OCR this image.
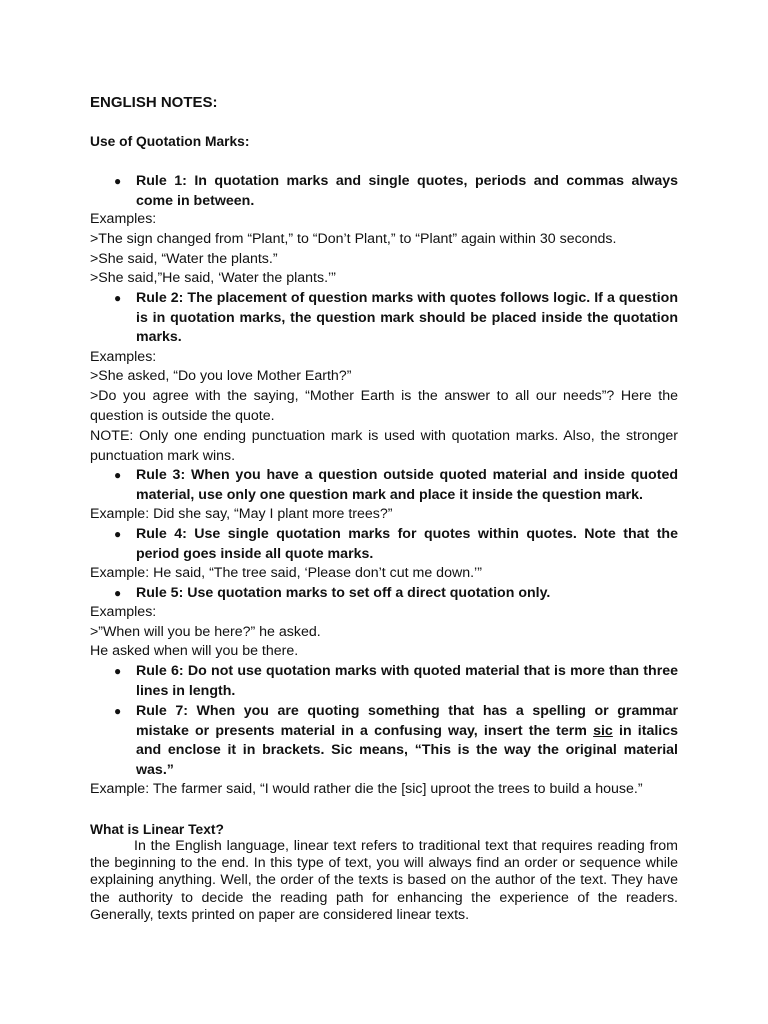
ENGLISH NOTES:
Use of Quotation Marks:
● Rule 1: In quotation marks and single quotes, periods and commas always come in between.
Examples:
>The sign changed from “Plant,” to “Don’t Plant,” to “Plant” again within 30 seconds.
>She said, “Water the plants.”
>She said,”He said, ‘Water the plants.’”
● Rule 2: The placement of question marks with quotes follows logic. If a question is in quotation marks, the question mark should be placed inside the quotation marks.
Examples:
>She asked, “Do you love Mother Earth?”
>Do you agree with the saying, “Mother Earth is the answer to all our needs”? Here the question is outside the quote.
NOTE: Only one ending punctuation mark is used with quotation marks. Also, the stronger punctuation mark wins.
● Rule 3: When you have a question outside quoted material and inside quoted material, use only one question mark and place it inside the question mark.
Example: Did she say, “May I plant more trees?”
● Rule 4: Use single quotation marks for quotes within quotes. Note that the period goes inside all quote marks.
Example: He said, “The tree said, ‘Please don’t cut me down.’”
● Rule 5: Use quotation marks to set off a direct quotation only.
Examples:
>”When will you be here?” he asked.
He asked when will you be there.
● Rule 6: Do not use quotation marks with quoted material that is more than three lines in length.
● Rule 7: When you are quoting something that has a spelling or grammar mistake or presents material in a confusing way, insert the term sic in italics and enclose it in brackets. Sic means, “This is the way the original material was.”
Example: The farmer said, “I would rather die the [sic] uproot the trees to build a house.”
What is Linear Text?
In the English language, linear text refers to traditional text that requires reading from the beginning to the end. In this type of text, you will always find an order or sequence while explaining anything. Well, the order of the texts is based on the author of the text. They have the authority to decide the reading path for enhancing the experience of the readers. Generally, texts printed on paper are considered linear texts.
